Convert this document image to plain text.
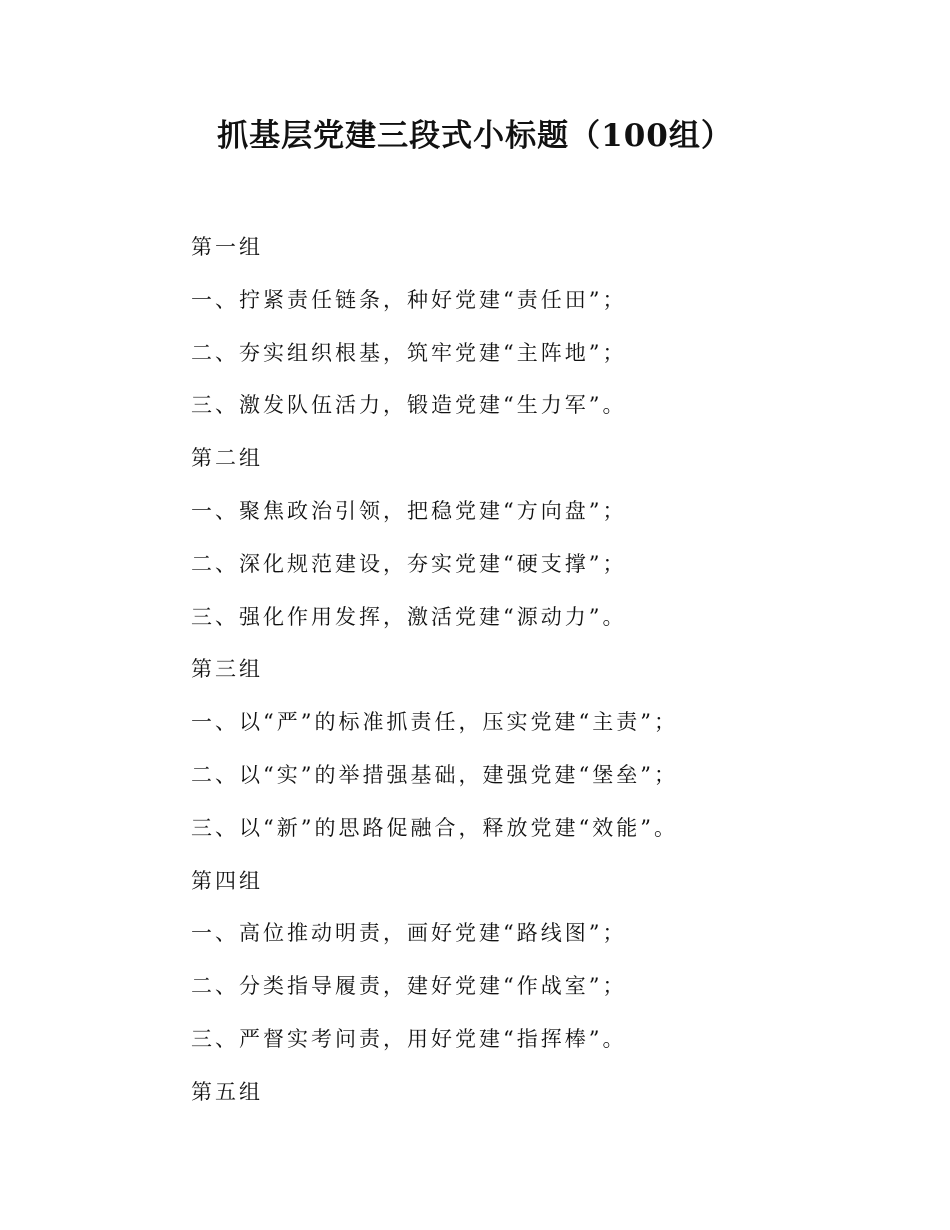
抓基层党建三段式小标题（100组）
第一组
一、拧紧责任链条，种好党建“责任田”；
二、夯实组织根基，筑牢党建“主阵地”；
三、激发队伍活力，锻造党建“生力军”。
第二组
一、聚焦政治引领，把稳党建“方向盘”；
二、深化规范建设，夯实党建“硬支撑”；
三、强化作用发挥，激活党建“源动力”。
第三组
一、以“严”的标准抓责任，压实党建“主责”；
二、以“实”的举措强基础，建强党建“堡垒”；
三、以“新”的思路促融合，释放党建“效能”。
第四组
一、高位推动明责，画好党建“路线图”；
二、分类指导履责，建好党建“作战室”；
三、严督实考问责，用好党建“指挥棒”。
第五组
